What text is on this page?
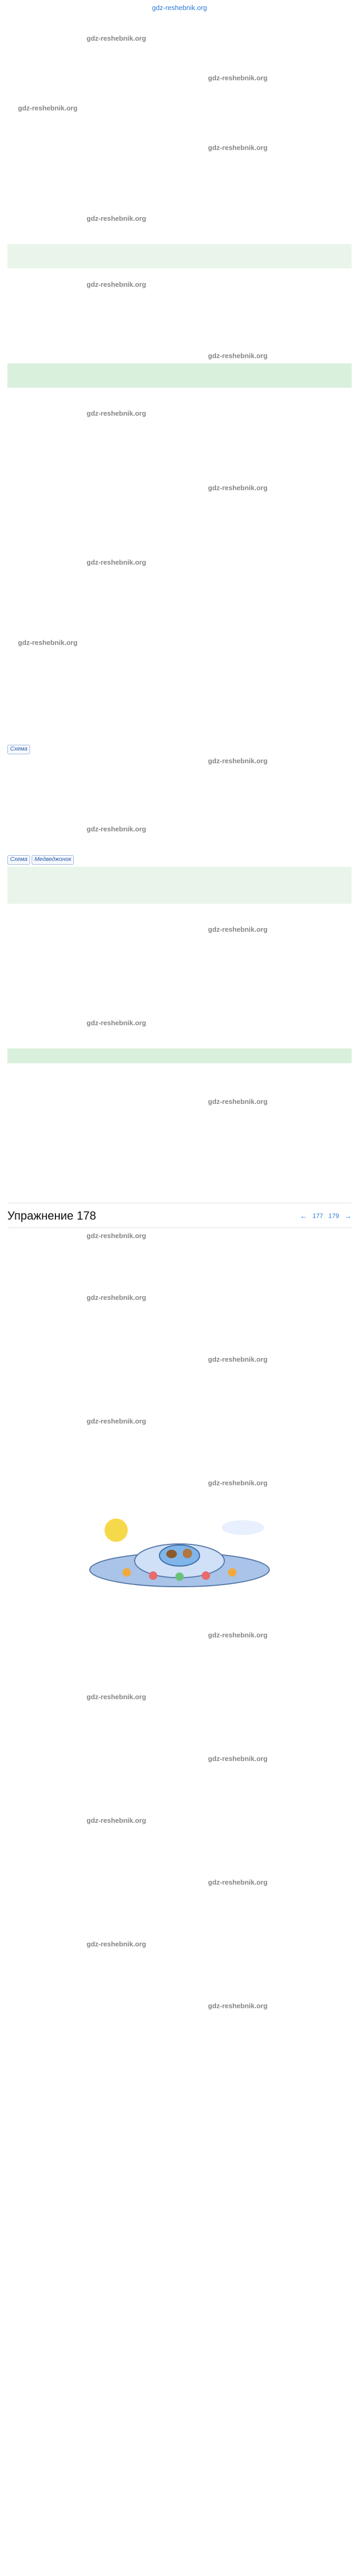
gdz-reshebnik.org
gdz-reshebnik.org
gdz-reshebnik.org
gdz-reshebnik.org
gdz-reshebnik.org
gdz-reshebnik.org
gdz-reshebnik.org
gdz-reshebnik.org
gdz-reshebnik.org
gdz-reshebnik.org
gdz-reshebnik.org
gdz-reshebnik.org
Схема
gdz-reshebnik.org
gdz-reshebnik.org
Схема Медведжонок
gdz-reshebnik.org
gdz-reshebnik.org
gdz-reshebnik.org
Упражнение 178	← 177 179 →
gdz-reshebnik.org
gdz-reshebnik.org
gdz-reshebnik.org
gdz-reshebnik.org
gdz-reshebnik.org
gdz-reshebnik.org
gdz-reshebnik.org
gdz-reshebnik.org
gdz-reshebnik.org
gdz-reshebnik.org
gdz-reshebnik.org
gdz-reshebnik.org
